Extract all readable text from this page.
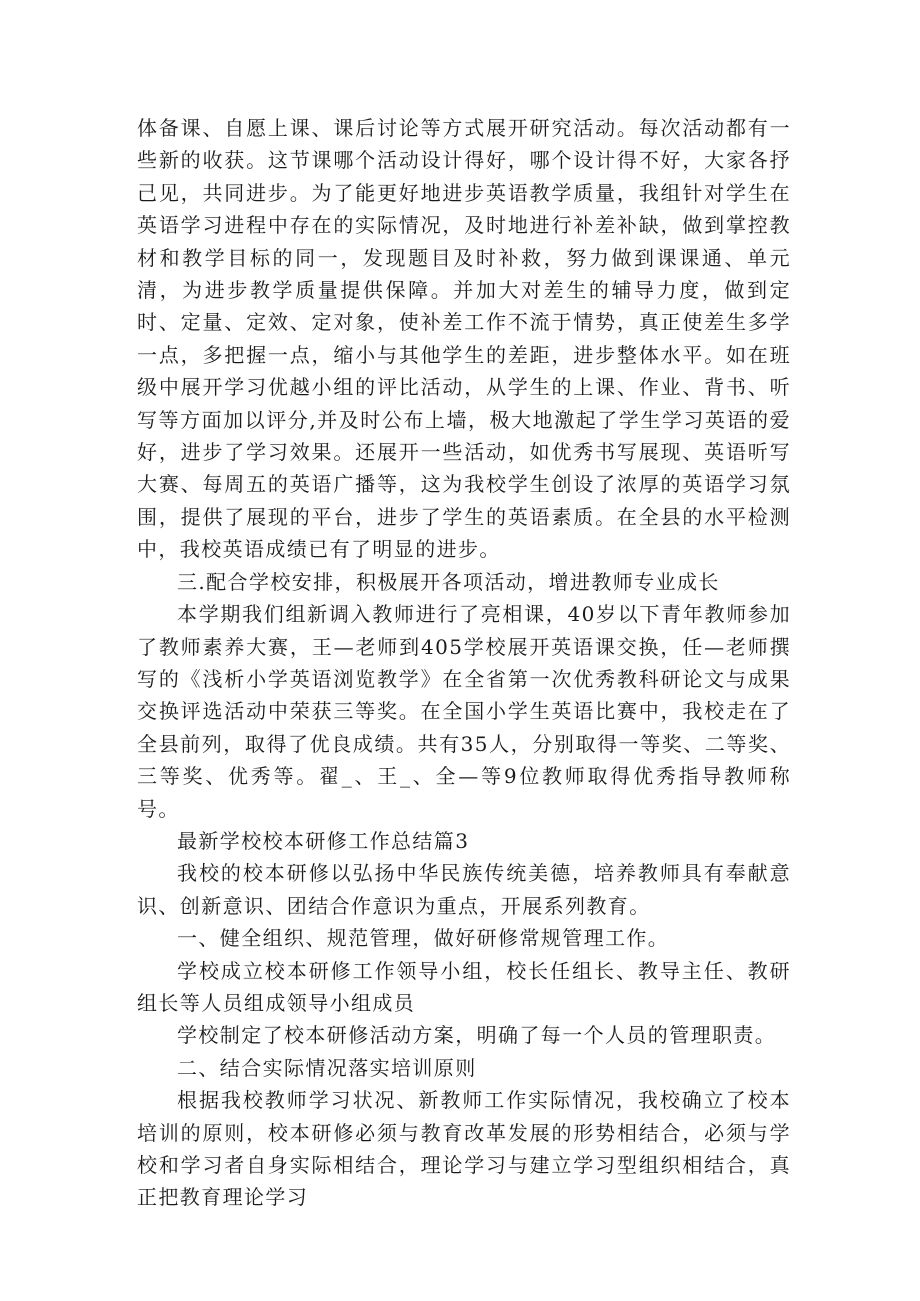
体备课、自愿上课、课后讨论等方式展开研究活动。每次活动都有一些新的收获。这节课哪个活动设计得好，哪个设计得不好，大家各抒己见，共同进步。为了能更好地进步英语教学质量，我组针对学生在英语学习进程中存在的实际情况，及时地进行补差补缺，做到掌控教材和教学目标的同一，发现题目及时补救，努力做到课课通、单元清，为进步教学质量提供保障。并加大对差生的辅导力度，做到定时、定量、定效、定对象，使补差工作不流于情势，真正使差生多学一点，多把握一点，缩小与其他学生的差距，进步整体水平。如在班级中展开学习优越小组的评比活动，从学生的上课、作业、背书、听写等方面加以评分,并及时公布上墙，极大地激起了学生学习英语的爱好，进步了学习效果。还展开一些活动，如优秀书写展现、英语听写大赛、每周五的英语广播等，这为我校学生创设了浓厚的英语学习氛围，提供了展现的平台，进步了学生的英语素质。在全县的水平检测中，我校英语成绩已有了明显的进步。

三.配合学校安排，积极展开各项活动，增进教师专业成长

本学期我们组新调入教师进行了亮相课，40岁以下青年教师参加了教师素养大赛，王—老师到405学校展开英语课交换，任—老师撰写的《浅析小学英语浏览教学》在全省第一次优秀教科研论文与成果交换评选活动中荣获三等奖。在全国小学生英语比赛中，我校走在了全县前列，取得了优良成绩。共有35人，分别取得一等奖、二等奖、三等奖、优秀等。翟_、王_、全—等9位教师取得优秀指导教师称号。

最新学校校本研修工作总结篇3

我校的校本研修以弘扬中华民族传统美德，培养教师具有奉献意识、创新意识、团结合作意识为重点，开展系列教育。

一、健全组织、规范管理，做好研修常规管理工作。

学校成立校本研修工作领导小组，校长任组长、教导主任、教研组长等人员组成领导小组成员

学校制定了校本研修活动方案，明确了每一个人员的管理职责。

二、结合实际情况落实培训原则

根据我校教师学习状况、新教师工作实际情况，我校确立了校本培训的原则，校本研修必须与教育改革发展的形势相结合，必须与学校和学习者自身实际相结合，理论学习与建立学习型组织相结合，真正把教育理论学习
